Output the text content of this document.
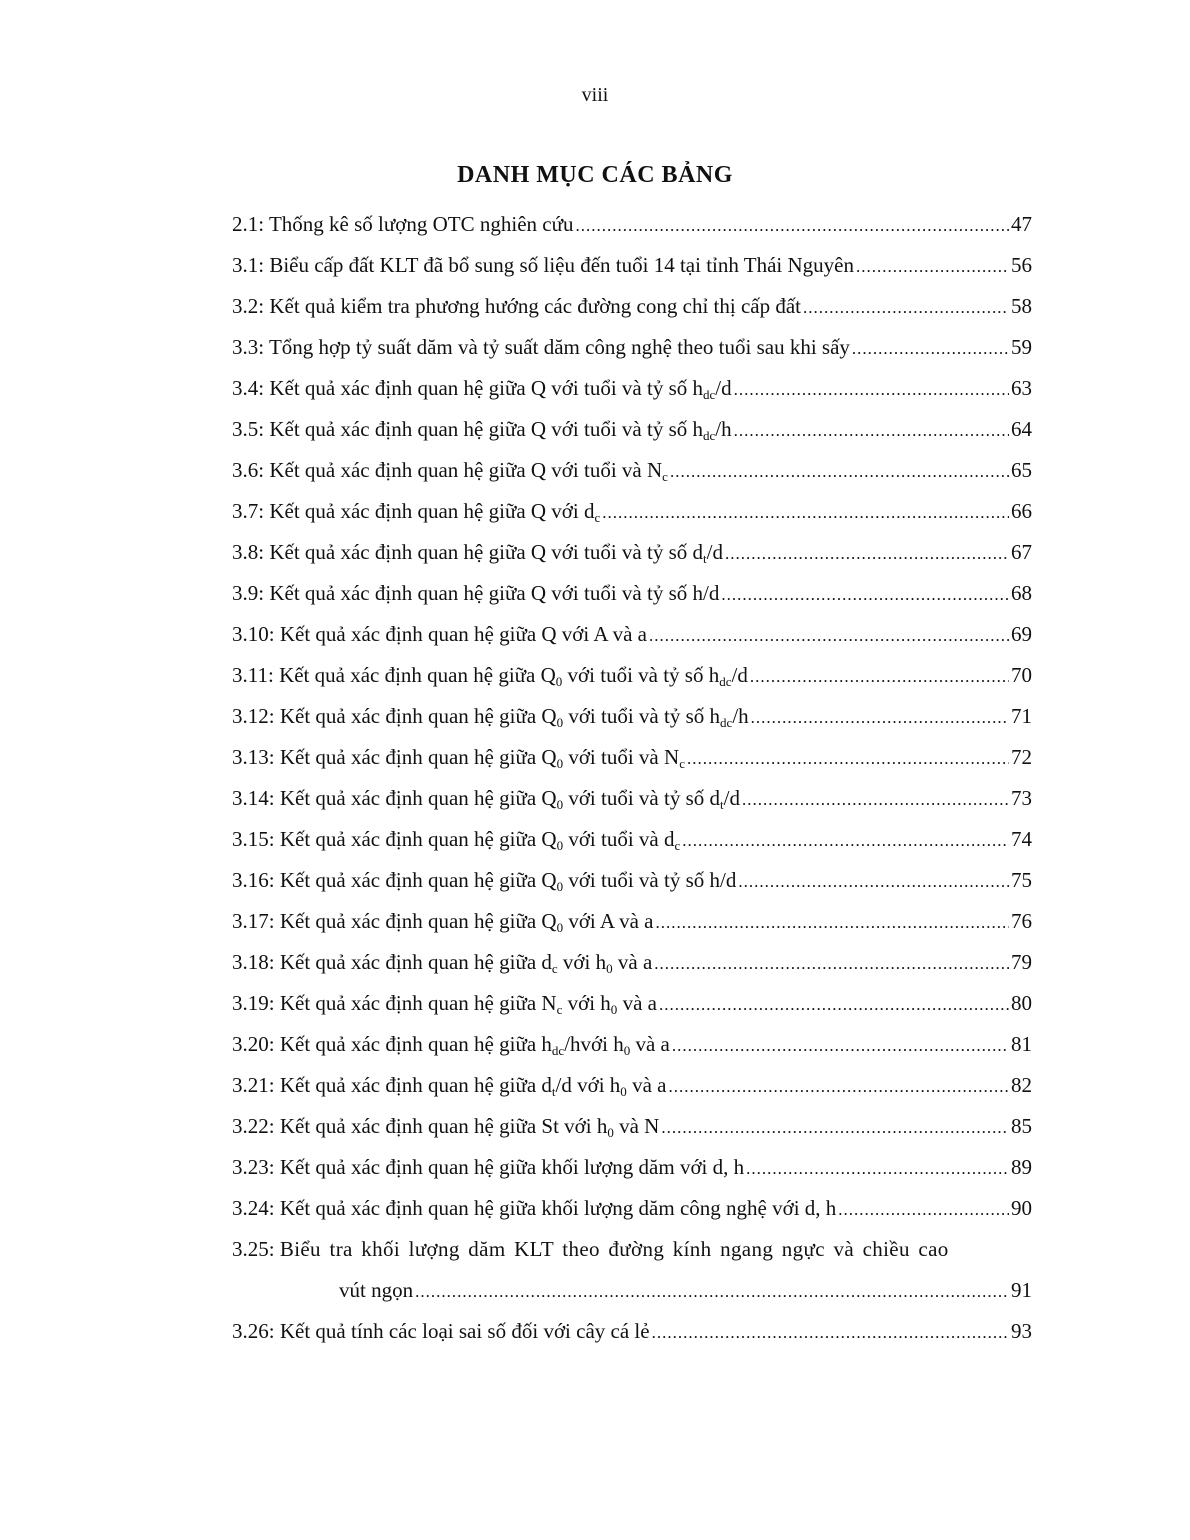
viii
DANH MỤC CÁC BẢNG
2.1: Thống kê số lượng OTC nghiên cứu .....	47
3.1: Biểu cấp đất KLT đã bổ sung số liệu đến tuổi 14 tại tỉnh Thái Nguyên .....	56
3.2: Kết quả kiểm tra phương hướng các đường cong chỉ thị cấp đất .....	58
3.3: Tổng hợp tỷ suất dăm và tỷ suất dăm công nghệ theo tuổi sau khi sấy .....	59
3.4: Kết quả xác định quan hệ giữa Q với tuổi và tỷ số $h_{dc}/d$ .....	63
3.5: Kết quả xác định quan hệ giữa Q với tuổi và tỷ số $h_{dc}/h$ .....	64
3.6: Kết quả xác định quan hệ giữa Q với tuổi và $N_c$ .....	65
3.7: Kết quả xác định quan hệ giữa Q với $d_c$ .....	66
3.8: Kết quả xác định quan hệ giữa Q với tuổi và tỷ số $d_t/d$ .....	67
3.9: Kết quả xác định quan hệ giữa Q với tuổi và tỷ số h/d .....	68
3.10: Kết quả xác định quan hệ giữa Q với A và a .....	69
3.11: Kết quả xác định quan hệ giữa $Q_0$ với tuổi và tỷ số $h_{dc}/d$ .....	70
3.12: Kết quả xác định quan hệ giữa $Q_0$ với tuổi và tỷ số $h_{dc}/h$ .....	71
3.13: Kết quả xác định quan hệ giữa $Q_0$ với tuổi và $N_c$ .....	72
3.14: Kết quả xác định quan hệ giữa $Q_0$ với tuổi và tỷ số $d_t/d$ .....	73
3.15: Kết quả xác định quan hệ giữa $Q_0$ với tuổi và $d_c$ .....	74
3.16: Kết quả xác định quan hệ giữa $Q_0$ với tuổi và tỷ số h/d .....	75
3.17: Kết quả xác định quan hệ giữa $Q_0$ với A và a .....	76
3.18: Kết quả xác định quan hệ giữa $d_c$ với $h_0$ và a .....	79
3.19: Kết quả xác định quan hệ giữa $N_c$ với $h_0$ và a .....	80
3.20: Kết quả xác định quan hệ giữa $h_{dc}$/hvới $h_0$ và a .....	81
3.21: Kết quả xác định quan hệ giữa $d_t/d$ với $h_0$ và a .....	82
3.22: Kết quả xác định quan hệ giữa St với $h_0$ và N .....	85
3.23: Kết quả xác định quan hệ giữa khối lượng dăm với d, h .....	89
3.24: Kết quả xác định quan hệ giữa khối lượng dăm công nghệ với d, h .....	90
3.25: Biểu tra khối lượng dăm KLT theo đường kính ngang ngực và chiều cao
vút ngọn .....	91
3.26: Kết quả tính các loại sai số đối với cây cá lẻ .....	93
